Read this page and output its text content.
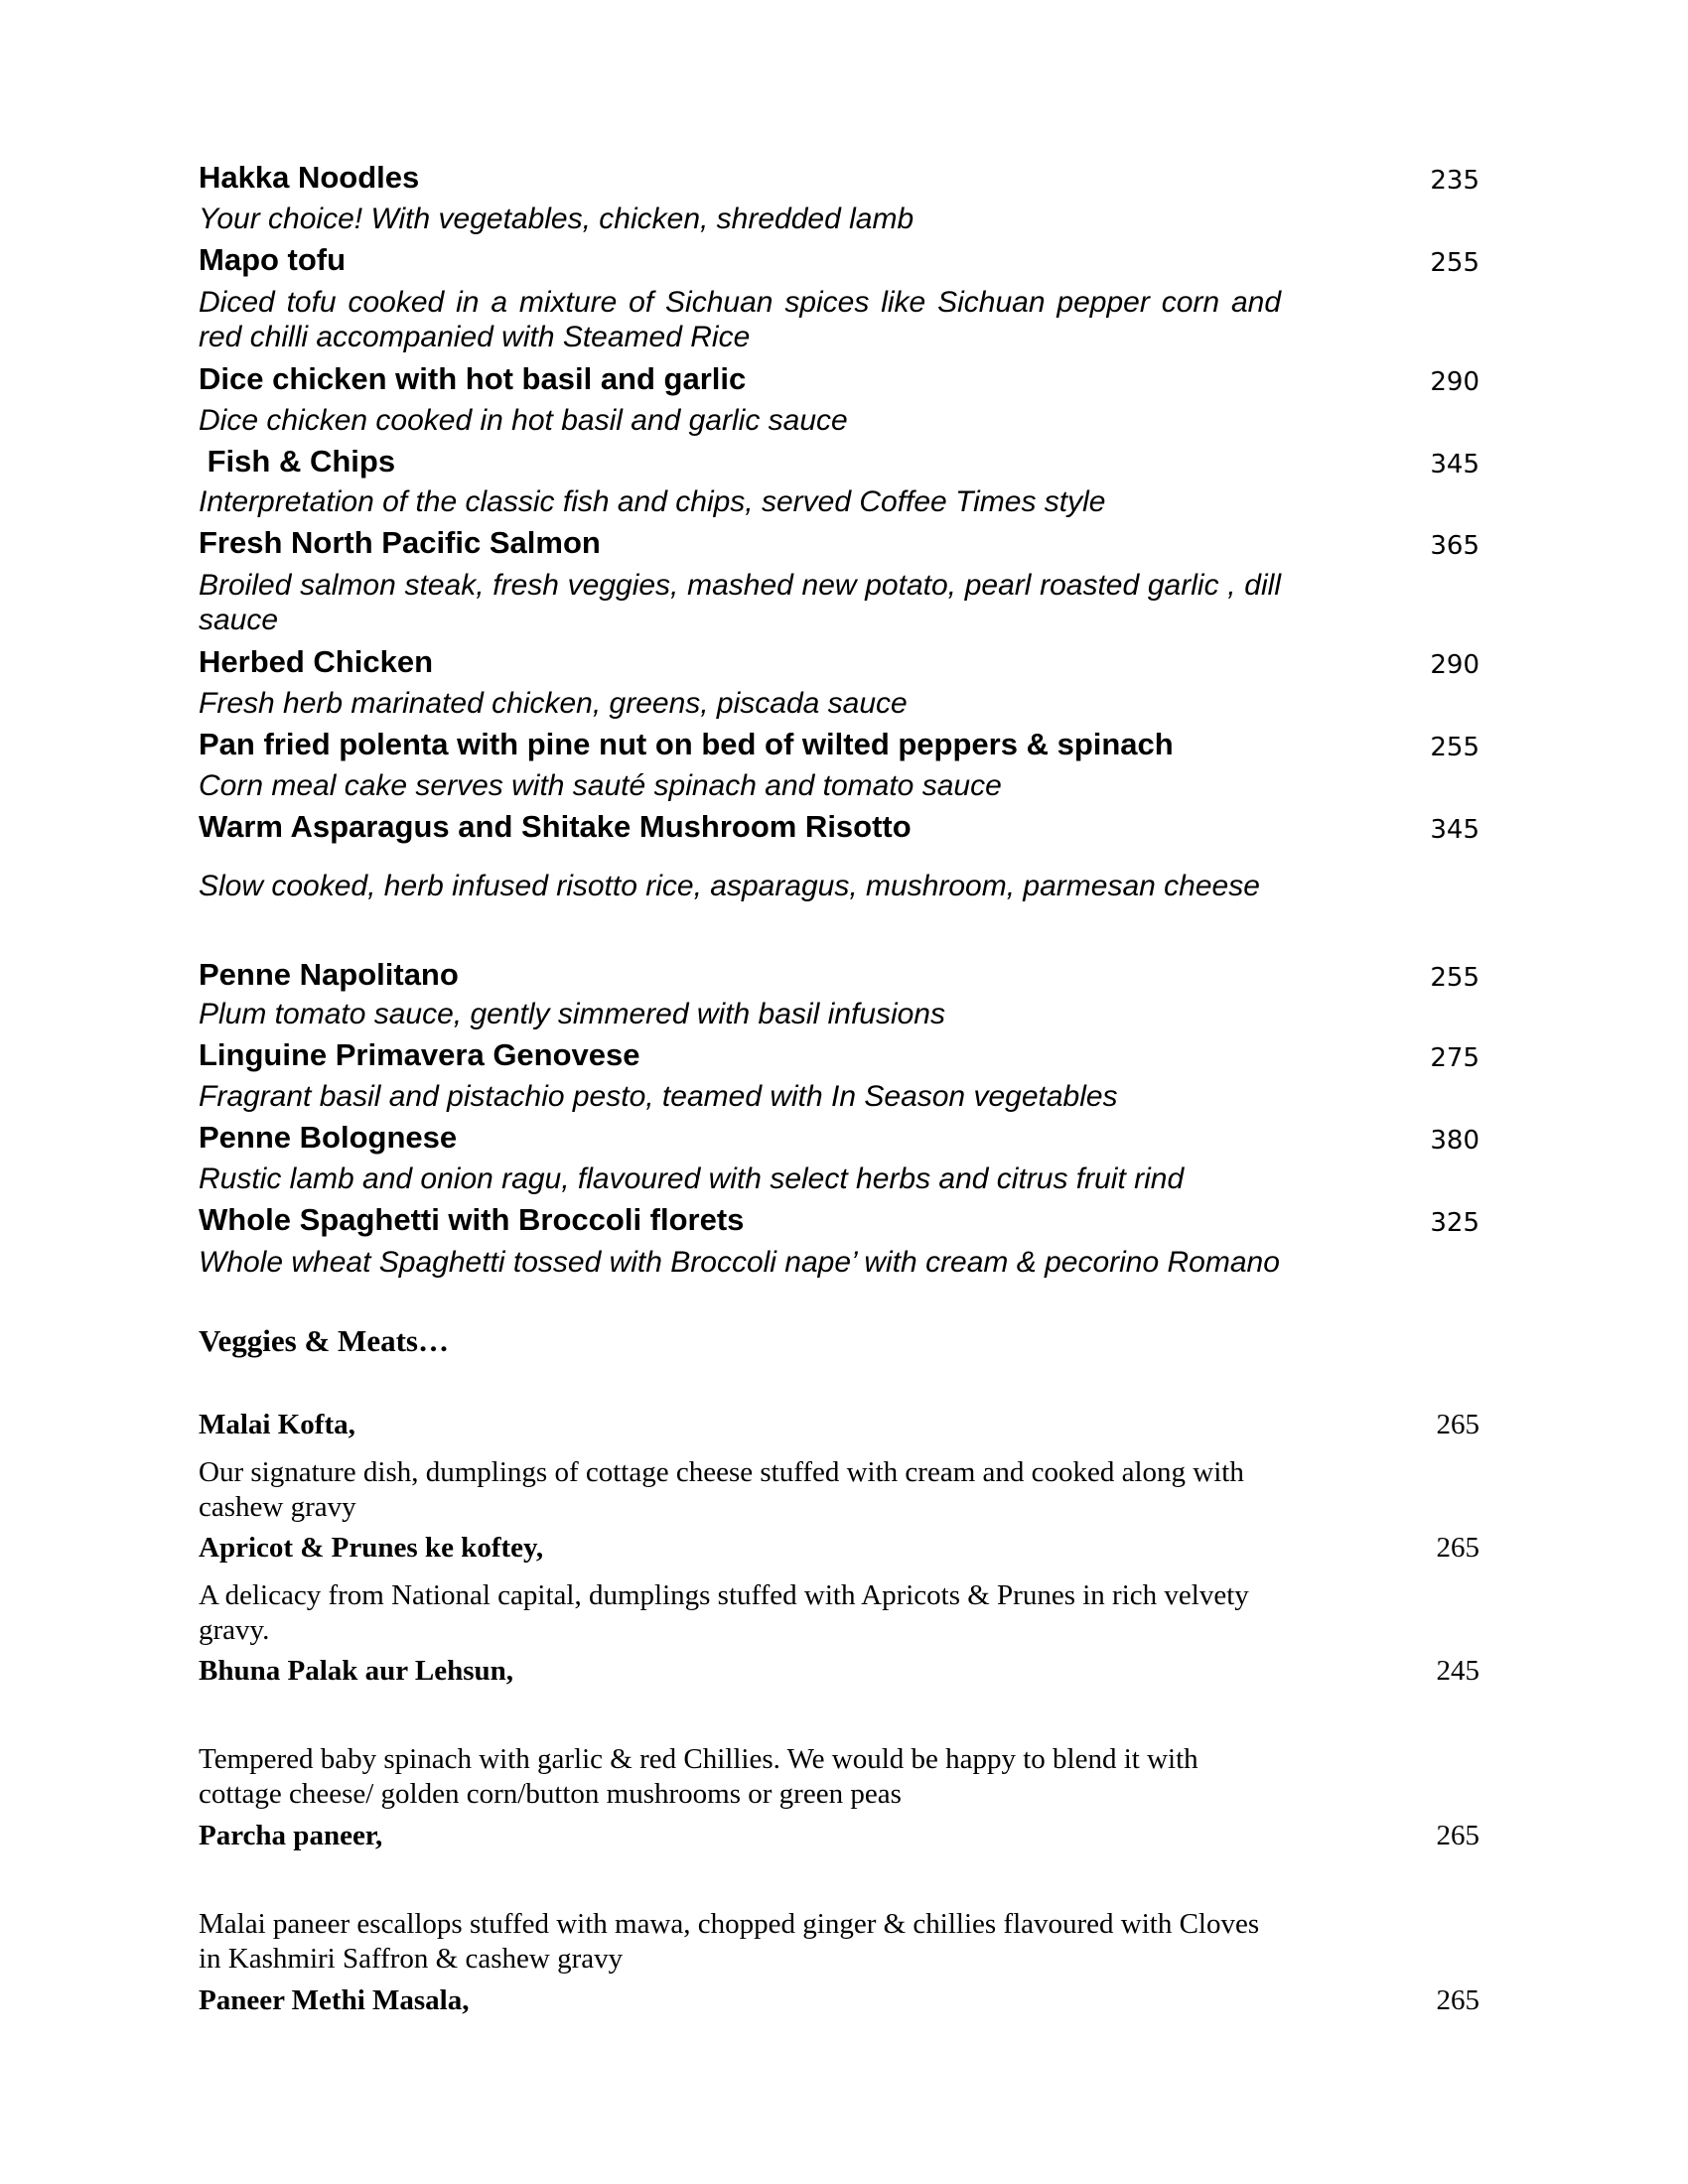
Hakka Noodles	235
Your choice! With vegetables, chicken, shredded lamb
Mapo tofu	255
Diced tofu cooked in a mixture of Sichuan spices like Sichuan pepper corn and red chilli accompanied with Steamed Rice
Dice chicken with hot basil and garlic	290
Dice chicken cooked in hot basil and garlic sauce
Fish & Chips	345
Interpretation of the classic fish and chips, served Coffee Times style
Fresh North Pacific Salmon	365
Broiled salmon steak, fresh veggies, mashed new potato, pearl roasted garlic , dill sauce
Herbed Chicken	290
Fresh herb marinated chicken, greens, piscada sauce
Pan fried polenta with pine nut on bed of wilted peppers & spinach	255
Corn meal cake serves with sauté spinach and tomato sauce
Warm Asparagus and Shitake Mushroom Risotto	345
Slow cooked, herb infused risotto rice, asparagus, mushroom, parmesan cheese
Penne Napolitano	255
Plum tomato sauce, gently simmered with basil infusions
Linguine Primavera Genovese	275
Fragrant basil and pistachio pesto, teamed with In Season vegetables
Penne Bolognese	380
Rustic lamb and onion ragu, flavoured with select herbs and citrus fruit rind
Whole Spaghetti with Broccoli florets	325
Whole wheat Spaghetti tossed with Broccoli nape’ with cream & pecorino Romano
Veggies & Meats…
Malai Kofta,	265
Our signature dish, dumplings of cottage cheese stuffed with cream and cooked along with cashew gravy
Apricot & Prunes ke koftey,	265
A delicacy from National capital, dumplings stuffed with Apricots & Prunes in rich velvety gravy.
Bhuna Palak aur Lehsun,	245
Tempered baby spinach with garlic & red Chillies. We would be happy to blend it with cottage cheese/ golden corn/button mushrooms or green peas
Parcha paneer,	265
Malai paneer escallops stuffed with mawa, chopped ginger & chillies flavoured with Cloves in Kashmiri Saffron & cashew gravy
Paneer Methi Masala,	265
